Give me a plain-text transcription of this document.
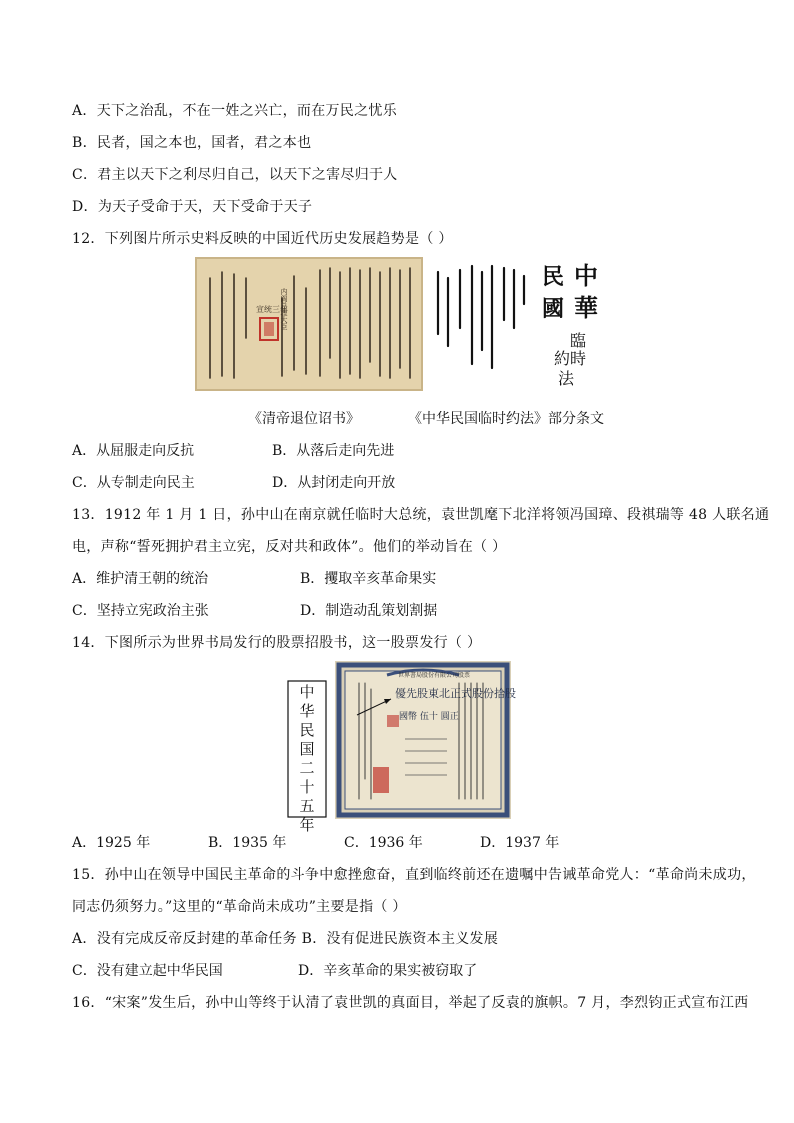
A．天下之治乱，不在一姓之兴亡，而在万民之忧乐
B．民者，国之本也，国者，君之本也
C．君主以天下之利尽归自己，以天下之害尽归于人
D．为天子受命于天，天下受命于天子
12．下列图片所示史料反映的中国近代历史发展趋势是（ ）
宣统三年
内阁总理大臣
中
華
民
國
臨
時
約
法
《清帝退位诏书》	《中华民国临时约法》部分条文
A．从屈服走向反抗	B．从落后走向先进
C．从专制走向民主	D．从封闭走向开放
13．1912 年 1 月 1 日，孙中山在南京就任临时大总统，袁世凯麾下北洋将领冯国璋、段祺瑞等 48 人联名通
电，声称“誓死拥护君主立宪，反对共和政体”。他们的举动旨在（ ）
A．维护清王朝的统治	B．攫取辛亥革命果实
C．坚持立宪政治主张	D．制造动乱策划割据
14．下图所示为世界书局发行的股票招股书，这一股票发行（ ）
世界書局股份有限公司股票
優先股東北正式股份拾股
國幣 伍十 圓正
中华民国二十五年
A．1925 年	B．1935 年	C．1936 年	D．1937 年
15．孙中山在领导中国民主革命的斗争中愈挫愈奋，直到临终前还在遗嘱中告诫革命党人：“革命尚未成功，
同志仍须努力。”这里的“革命尚未成功”主要是指（ ）
A．没有完成反帝反封建的革命任务 B．没有促进民族资本主义发展
C．没有建立起中华民国	D．辛亥革命的果实被窃取了
16．“宋案”发生后，孙中山等终于认清了袁世凯的真面目，举起了反袁的旗帜。7 月，李烈钧正式宣布江西
